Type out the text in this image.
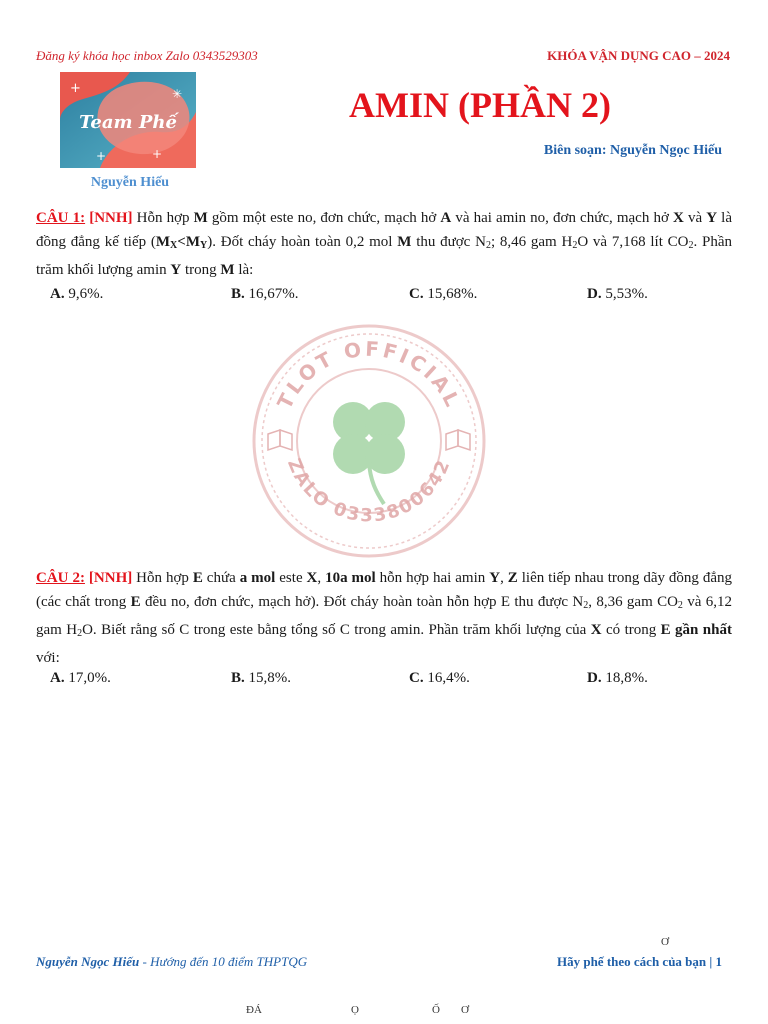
Đăng ký khóa học inbox Zalo 0343529303	KHÓA VẬN DỤNG CAO – 2024
+	✳
+	+
Team Phế
Nguyễn Hiếu
AMIN (PHẦN 2)
Biên soạn: Nguyễn Ngọc Hiếu
CÂU 1: [NNH] Hỗn hợp M gồm một este no, đơn chức, mạch hở A và hai amin no, đơn chức, mạch hở X và Y là đồng đẳng kế tiếp $(M_X<M_Y)$. Đốt cháy hoàn toàn 0,2 mol M thu được $N_2$; 8,46 gam $H_2O$ và 7,168 lít $CO_2$. Phần trăm khối lượng amin Y trong M là:
A. 9,6%.	B. 16,67%.	C. 15,68%.	D. 5,53%.
TLOT OFFICIAL
ZALO 0333800642
CÂU 2: [NNH] Hỗn hợp E chứa a mol este X, 10a mol hỗn hợp hai amin Y, Z liên tiếp nhau trong dãy đồng đẳng (các chất trong E đều no, đơn chức, mạch hở). Đốt cháy hoàn toàn hỗn hợp E thu được $N_2$, 8,36 gam $CO_2$ và 6,12 gam $H_2O$. Biết rằng số C trong este bằng tổng số C trong amin. Phần trăm khối lượng của X có trong E gần nhất với:
A. 17,0%.	B. 15,8%.	C. 16,4%.	D. 18,8%.
Nguyễn Ngọc Hiếu - Hướng đến 10 điểm THPTQG	Hãy phế theo cách của bạn | 1
Ơ
ĐÁ	Ọ	Ố Ơ
